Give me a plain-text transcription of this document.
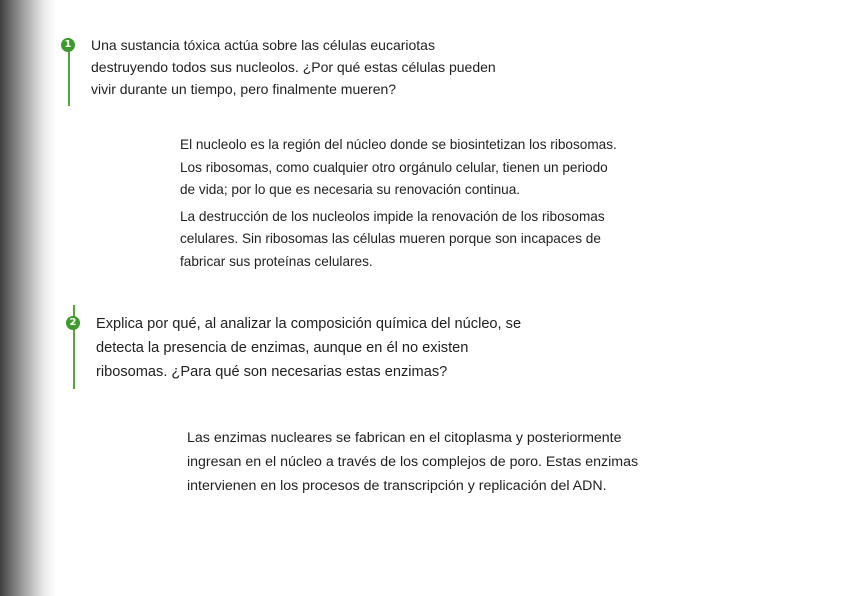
1 Una sustancia tóxica actúa sobre las células eucariotas
destruyendo todos sus nucleolos. ¿Por qué estas células pueden
vivir durante un tiempo, pero finalmente mueren?

El nucleolo es la región del núcleo donde se biosintetizan los ribosomas.
Los ribosomas, como cualquier otro orgánulo celular, tienen un periodo
de vida; por lo que es necesaria su renovación continua.

La destrucción de los nucleolos impide la renovación de los ribosomas
celulares. Sin ribosomas las células mueren porque son incapaces de
fabricar sus proteínas celulares.

2 Explica por qué, al analizar la composición química del núcleo, se
detecta la presencia de enzimas, aunque en él no existen
ribosomas. ¿Para qué son necesarias estas enzimas?

Las enzimas nucleares se fabrican en el citoplasma y posteriormente
ingresan en el núcleo a través de los complejos de poro. Estas enzimas
intervienen en los procesos de transcripción y replicación del ADN.
